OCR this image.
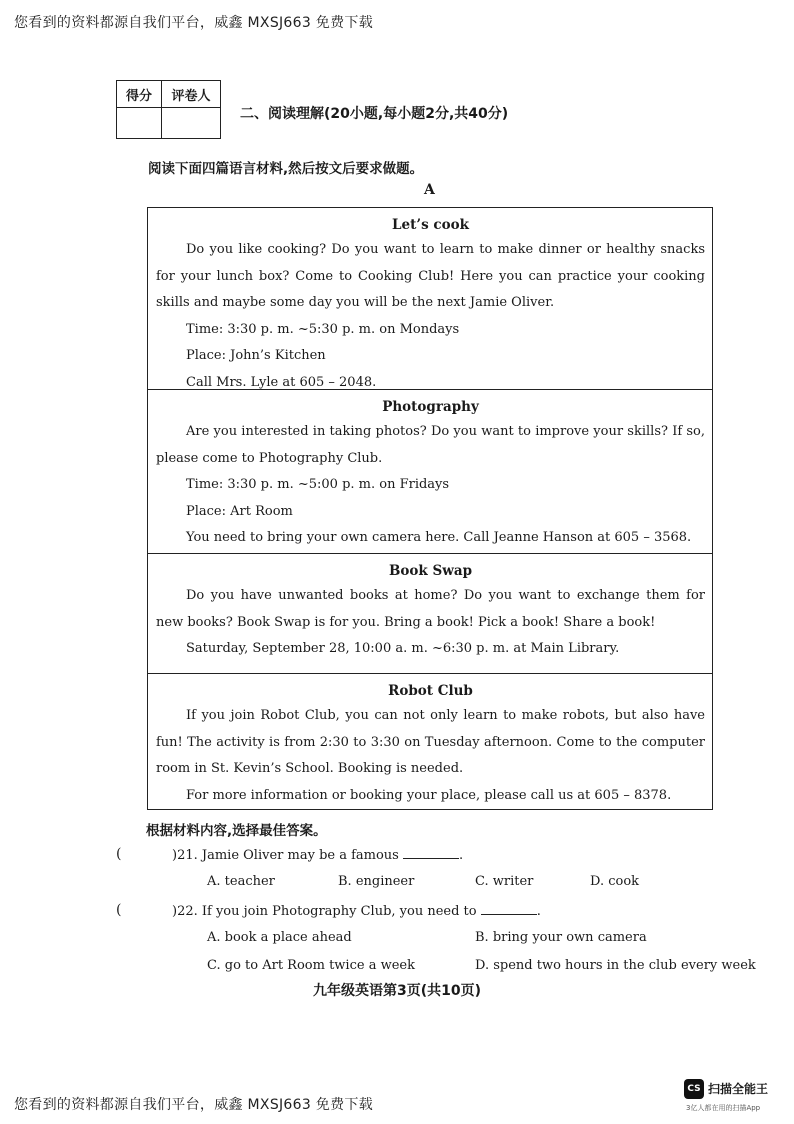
您看到的资料都源自我们平台，威鑫 MXSJ663 免费下载
得分	评卷人

二、阅读理解(20小题,每小题2分,共40分)
阅读下面四篇语言材料,然后按文后要求做题。
A
Let’s cook

Do you like cooking? Do you want to learn to make dinner or healthy snacks for your lunch box? Come to Cooking Club! Here you can practice your cooking skills and maybe some day you will be the next Jamie Oliver.

Time: 3:30 p. m. ~5:30 p. m. on Mondays

Place: John’s Kitchen

Call Mrs. Lyle at 605 – 2048.

Photography

Are you interested in taking photos? Do you want to improve your skills? If so, please come to Photography Club.

Time: 3:30 p. m. ~5:00 p. m. on Fridays

Place: Art Room

You need to bring your own camera here. Call Jeanne Hanson at 605 – 3568.

Book Swap

Do you have unwanted books at home? Do you want to exchange them for new books? Book Swap is for you. Bring a book! Pick a book! Share a book!

Saturday, September 28, 10:00 a. m. ~6:30 p. m. at Main Library.

Robot Club

If you join Robot Club, you can not only learn to make robots, but also have fun! The activity is from 2:30 to 3:30 on Tuesday afternoon. Come to the computer room in St. Kevin’s School. Booking is needed.

For more information or booking your place, please call us at 605 – 8378.

根据材料内容,选择最佳答案。
(	)21. Jamie Oliver may be a famous	.
A. teacher	B. engineer	C. writer	D. cook
(	)22. If you join Photography Club, you need to	.
A. book a place ahead	B. bring your own camera
C. go to Art Room twice a week	D. spend two hours in the club every week
九年级英语第3页(共10页)
您看到的资料都源自我们平台，威鑫 MXSJ663 免费下载
CS 扫描全能王
3亿人都在用的扫描App
